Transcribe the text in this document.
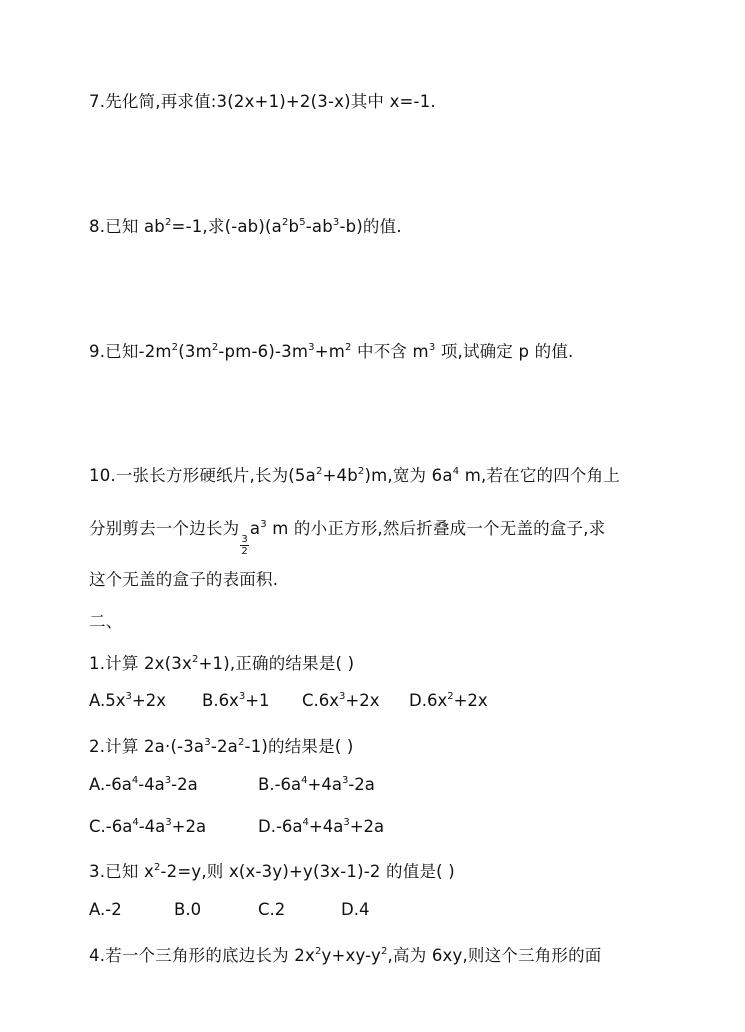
7.先化简,再求值:3(2x+1)+2(3-x)其中 x=-1.
8.已知 $ab^2=-1$,求$(-ab)(a^2b^5-ab^3-b)$的值.
9.已知$-2m^2(3m^2-pm-6)-3m^3+m^2$ 中不含 $m^3$ 项,试确定 p 的值.
10.一张长方形硬纸片,长为$(5a^2+4b^2)m$,宽为 $6a^4$ m,若在它的四个角上
分别剪去一个边长为
$\frac{3}{2}$
$a^3$ m 的小正方形,然后折叠成一个无盖的盒子,求
这个无盖的盒子的表面积.
二、
1.计算 $2x(3x^2+1)$,正确的结果是( )
$A.5x^3+2x$ $B.6x^3+1$ $C.6x^3+2x$ $D.6x^2+2x$
2.计算 $2a\cdot(-3a^3-2a^2-1)$的结果是( )
$A.-6a^4-4a^3-2a$	$B.-6a^4+4a^3-2a$
$C.-6a^4-4a^3+2a$	$D.-6a^4+4a^3+2a$
3.已知 $x^2-2=y$,则 x(x-3y)+y(3x-1)-2 的值是( )
A.-2	B.0	C.2	D.4
4.若一个三角形的底边长为 $2x^2y+xy-y^2$,高为 6xy,则这个三角形的面
